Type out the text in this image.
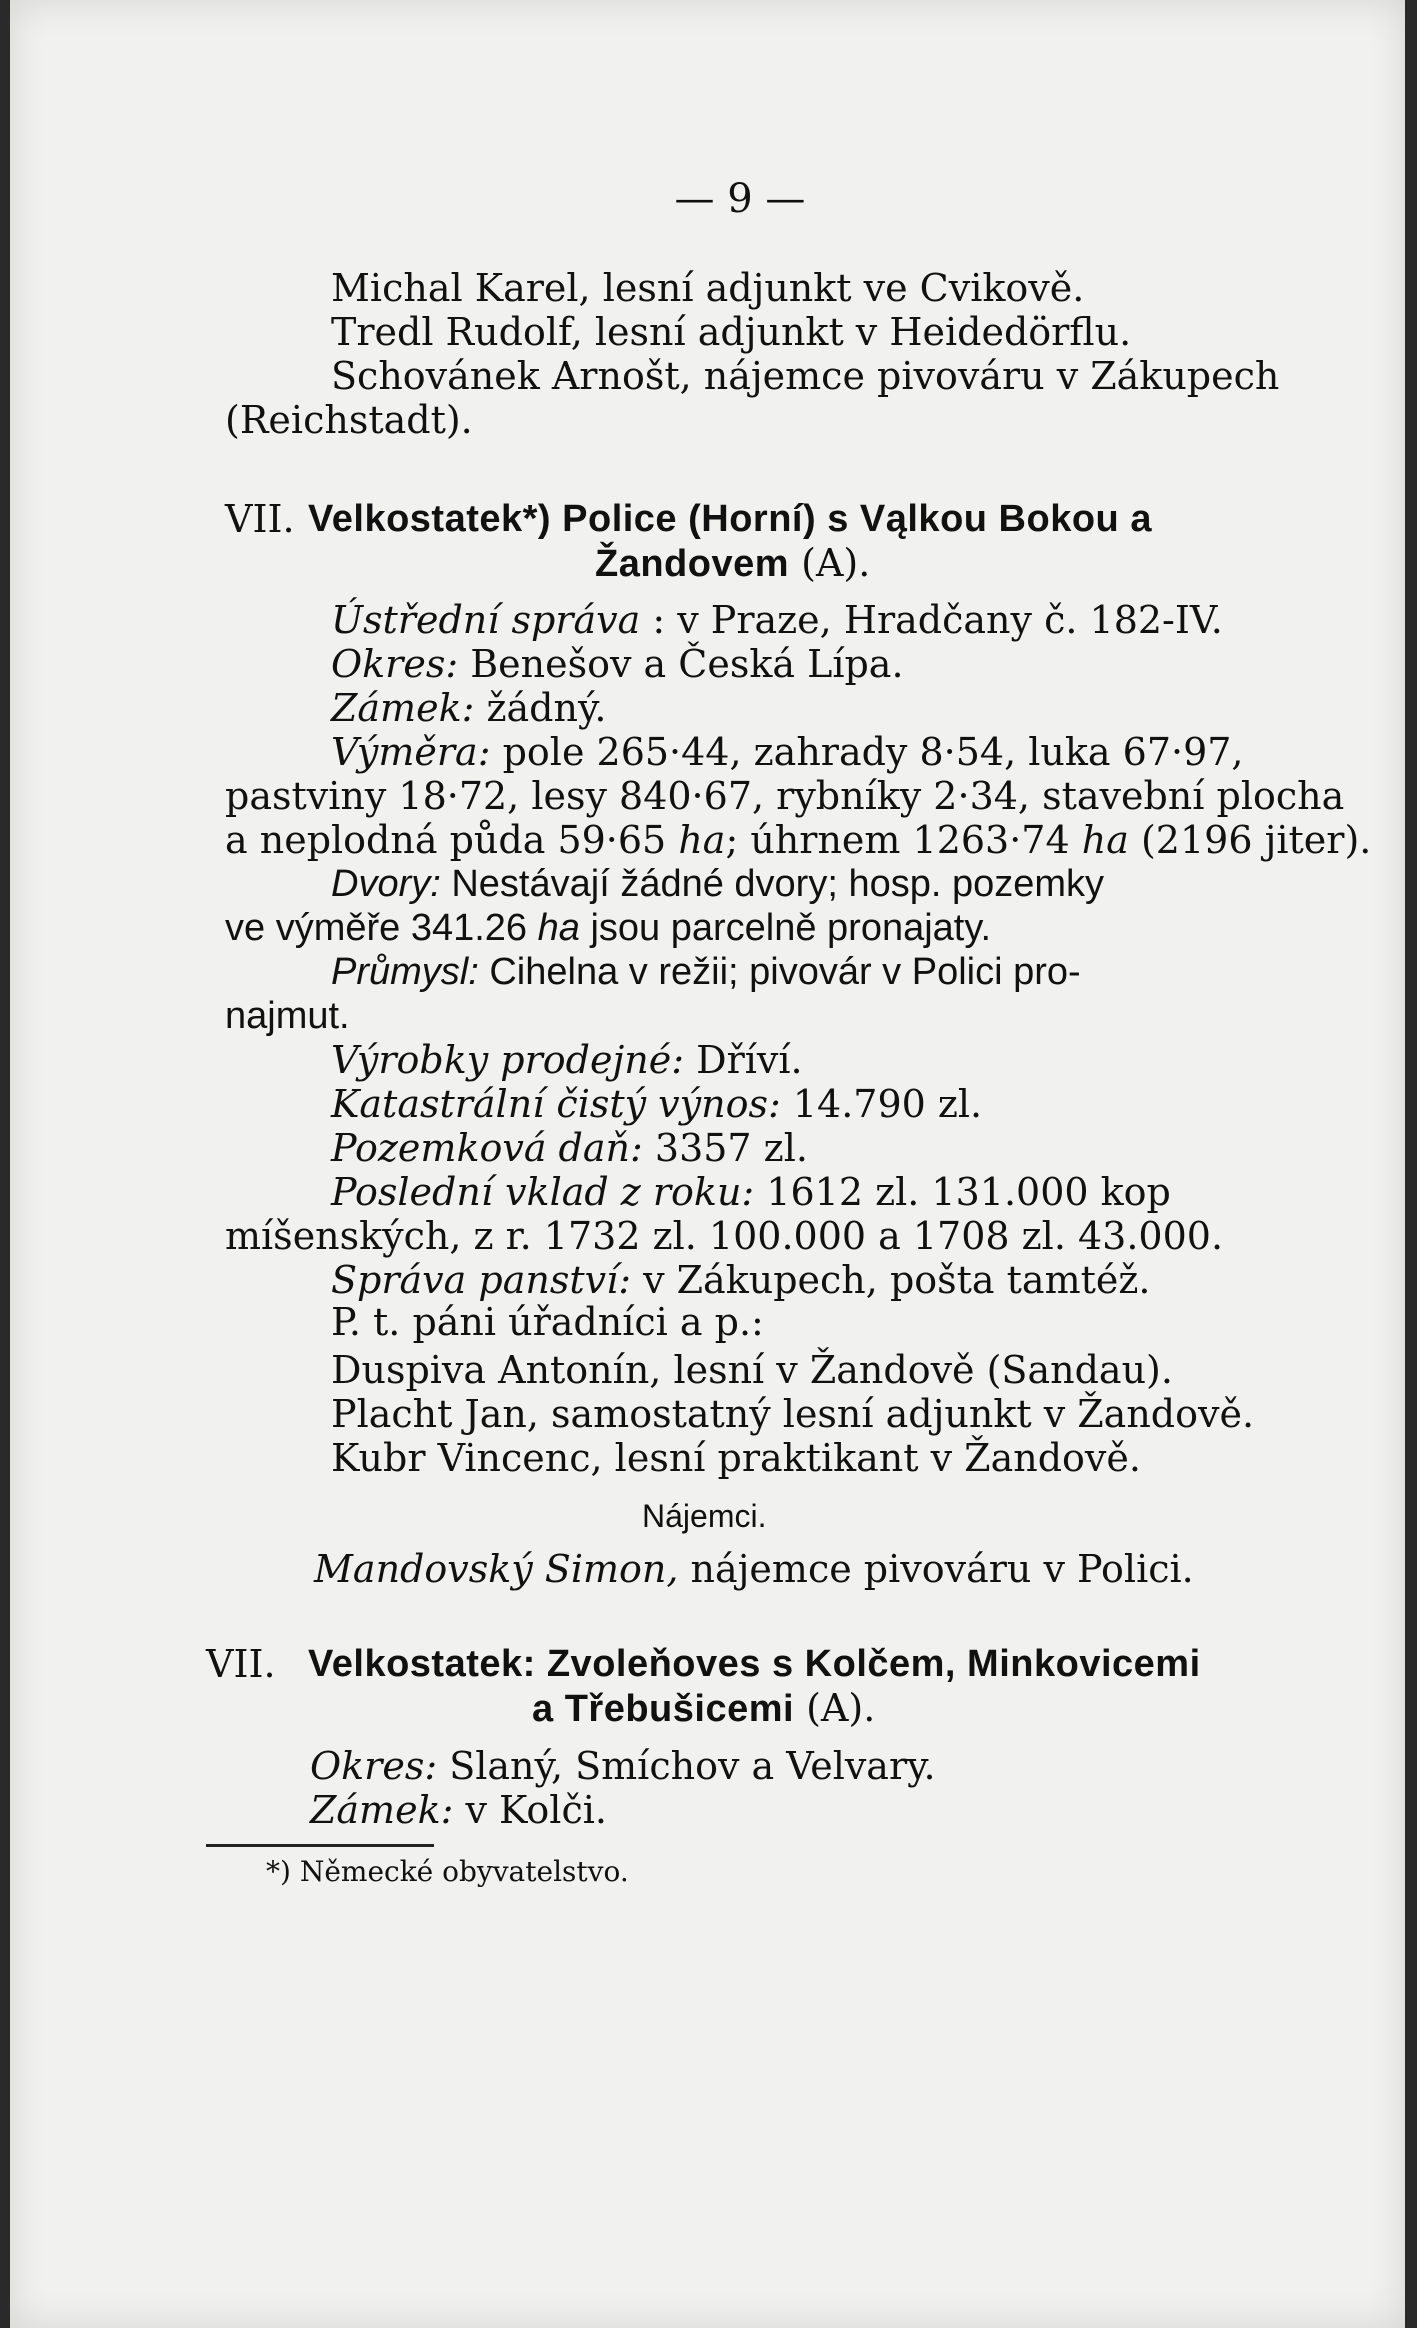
— 9 —
Michal Karel, lesní adjunkt ve Cvikově.
Tredl Rudolf, lesní adjunkt v Heidedörflu.
Schovánek Arnošt, nájemce pivováru v Zákupech
(Reichstadt).
VII. Velkostatek*) Police (Horní) s Vąlkou Bokou a
Žandovem (A).
Ústřední správa : v Praze, Hradčany č. 182-IV.
Okres: Benešov a Česká Lípa.
Zámek: žádný.
Výměra: pole 265·44, zahrady 8·54, luka 67·97,
pastviny 18·72, lesy 840·67, rybníky 2·34, stavební plocha
a neplodná půda 59·65 ha; úhrnem 1263·74 ha (2196 jiter).
Dvory: Nestávají žádné dvory; hosp. pozemky
ve výměře 341.26 ha jsou parcelně pronajaty.
Průmysl: Cihelna v režii; pivovár v Polici pro-
najmut.
Výrobky prodejné: Dříví.
Katastrální čistý výnos: 14.790 zl.
Pozemková daň: 3357 zl.
Poslední vklad z roku: 1612 zl. 131.000 kop
míšenských, z r. 1732 zl. 100.000 a 1708 zl. 43.000.
Správa panství: v Zákupech, pošta tamtéž.
P. t. páni úřadníci a p.:
Duspiva Antonín, lesní v Žandově (Sandau).
Placht Jan, samostatný lesní adjunkt v Žandově.
Kubr Vincenc, lesní praktikant v Žandově.
Nájemci.
Mandovský Simon, nájemce pivováru v Polici.
VII. Velkostatek: Zvoleňoves s Kolčem, Minkovicemi
a Třebušicemi (A).
Okres: Slaný, Smíchov a Velvary.
Zámek: v Kolči.
*) Německé obyvatelstvo.
